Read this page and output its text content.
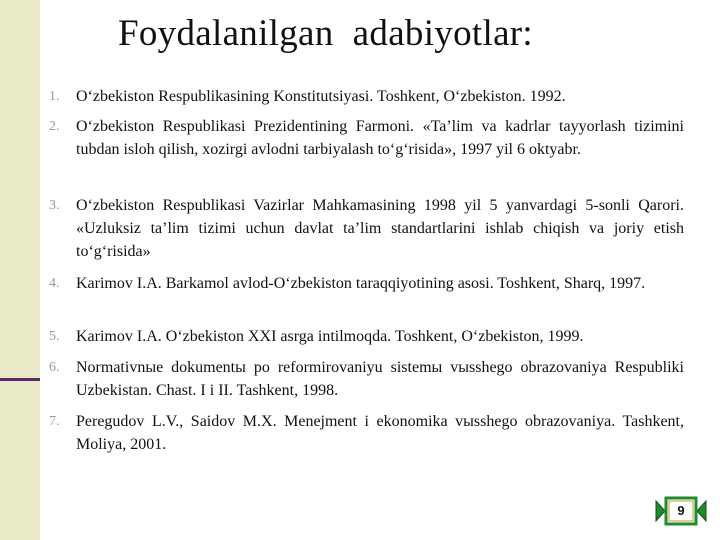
Foydalanilgan  adabiyotlar:
1. O‘zbekiston Respublikasining Konstitutsiyasi. Toshkent, O‘zbekiston. 1992.
2. O‘zbekiston Respublikasi Prezidentining Farmoni. «Ta’lim va kadrlar tayyorlash tizimini tubdan isloh qilish, xozirgi avlodni tarbiyalash to‘g‘risida», 1997 yil 6 oktyabr.
3. O‘zbekiston Respublikasi Vazirlar Mahkamasining 1998 yil 5 yanvardagi 5-sonli Qarori. «Uzluksiz ta’lim tizimi uchun davlat ta’lim standartlarini ishlab chiqish va joriy etish to‘g‘risida»
4. Karimov I.A. Barkamol avlod-O‘zbekiston taraqqiyotining asosi. Toshkent, Sharq, 1997.
5. Karimov I.A. O‘zbekiston XXI asrga intilmoqda. Toshkent, O‘zbekiston, 1999.
6. Normativnыe dokumentы po reformirovaniyu sistemы vыsshego obrazovaniya Respubliki Uzbekistan. Chast. I i II. Tashkent, 1998.
7. Peregudov L.V., Saidov M.X. Menejment i ekonomika vыsshego obrazovaniya. Tashkent, Moliya, 2001.
9
